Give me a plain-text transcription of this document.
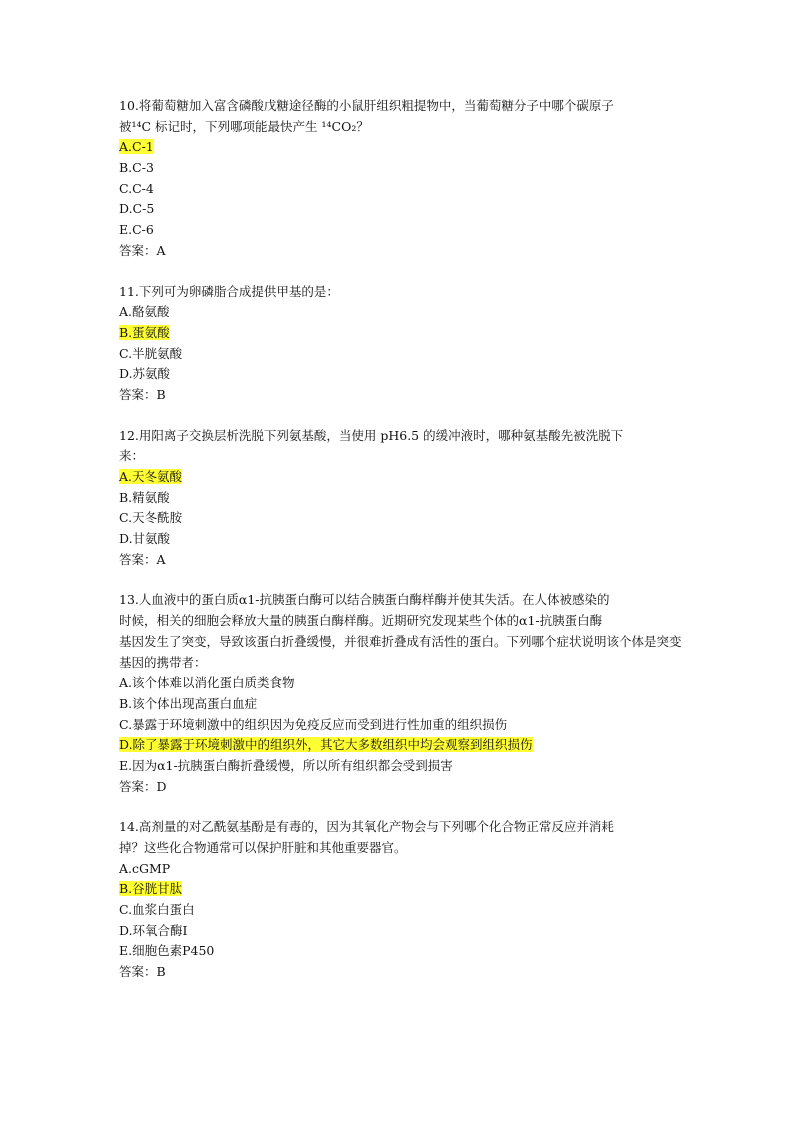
10.将葡萄糖加入富含磷酸戊糖途径酶的小鼠肝组织粗提物中，当葡萄糖分子中哪个碳原子
被¹⁴C 标记时，下列哪项能最快产生 ¹⁴CO₂？
A.C-1
B.C-3
C.C-4
D.C-5
E.C-6
答案：A
11.下列可为卵磷脂合成提供甲基的是：
A.酪氨酸
B.蛋氨酸
C.半胱氨酸
D.苏氨酸
答案：B
12.用阳离子交换层析洗脱下列氨基酸，当使用 pH6.5 的缓冲液时，哪种氨基酸先被洗脱下
来：
A.天冬氨酸
B.精氨酸
C.天冬酰胺
D.甘氨酸
答案：A
13.人血液中的蛋白质α1-抗胰蛋白酶可以结合胰蛋白酶样酶并使其失活。在人体被感染的
时候，相关的细胞会释放大量的胰蛋白酶样酶。近期研究发现某些个体的α1-抗胰蛋白酶
基因发生了突变，导致该蛋白折叠缓慢，并很难折叠成有活性的蛋白。下列哪个症状说明该个体是突变
基因的携带者：
A.该个体难以消化蛋白质类食物
B.该个体出现高蛋白血症
C.暴露于环境刺激中的组织因为免疫反应而受到进行性加重的组织损伤
D.除了暴露于环境刺激中的组织外，其它大多数组织中均会观察到组织损伤
E.因为α1-抗胰蛋白酶折叠缓慢，所以所有组织都会受到损害
答案：D
14.高剂量的对乙酰氨基酚是有毒的，因为其氧化产物会与下列哪个化合物正常反应并消耗
掉？这些化合物通常可以保护肝脏和其他重要器官。
A.cGMP
B.谷胱甘肽
C.血浆白蛋白
D.环氧合酶Ⅰ
E.细胞色素P450
答案：B
